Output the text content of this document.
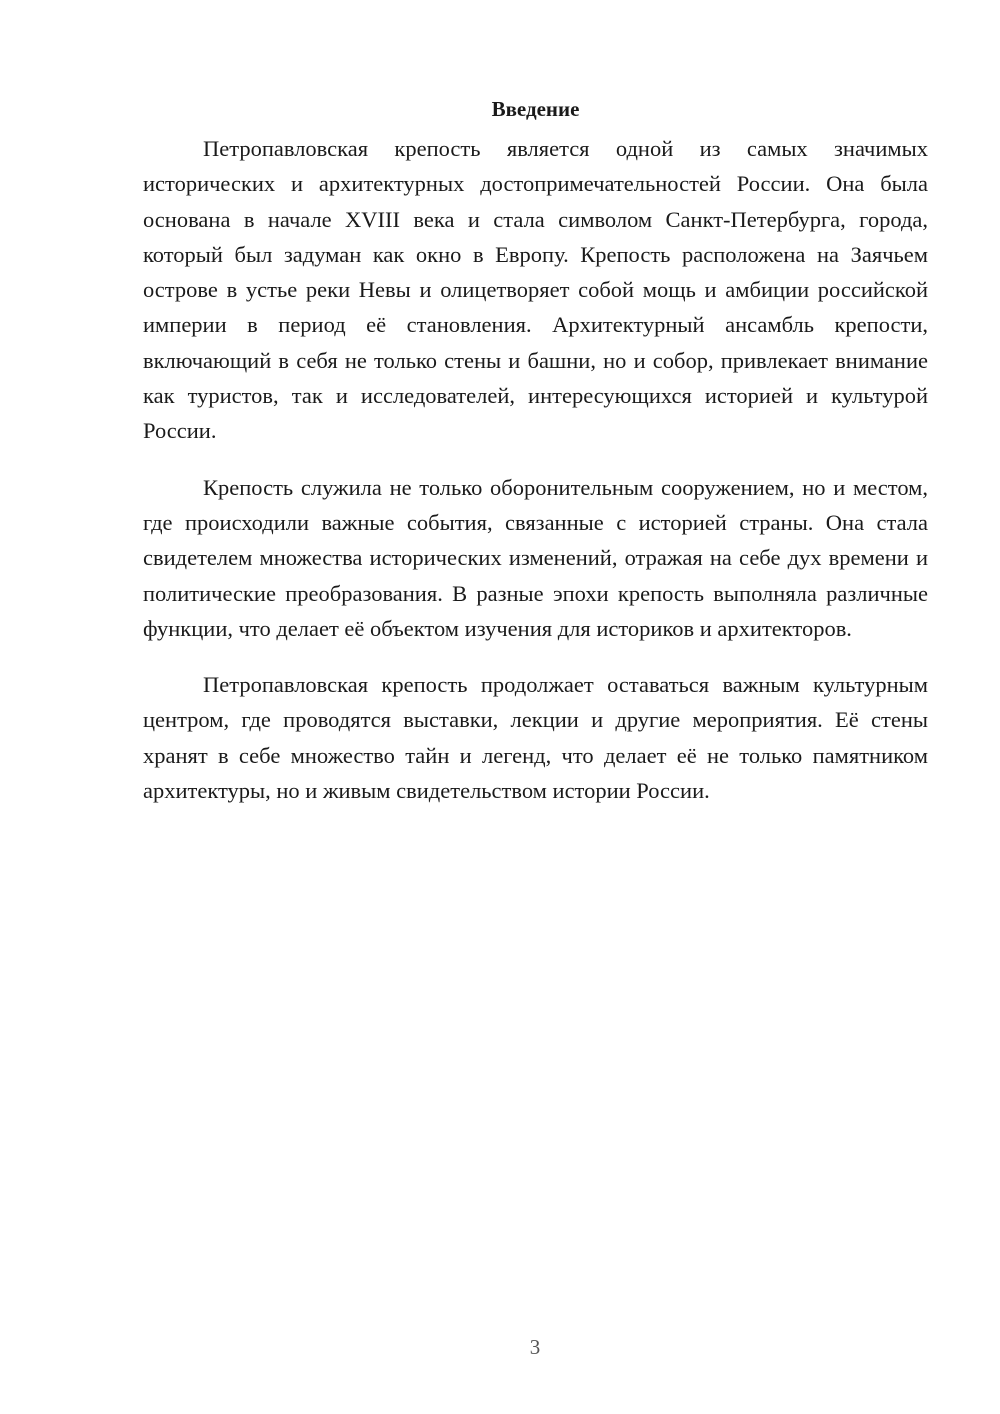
Введение

Петропавловская крепость является одной из самых значимых исторических и архитектурных достопримечательностей России. Она была основана в начале XVIII века и стала символом Санкт-Петербурга, города, который был задуман как окно в Европу. Крепость расположена на Заячьем острове в устье реки Невы и олицетворяет собой мощь и амбиции российской империи в период её становления. Архитектурный ансамбль крепости, включающий в себя не только стены и башни, но и собор, привлекает внимание как туристов, так и исследователей, интересующихся историей и культурой России.

Крепость служила не только оборонительным сооружением, но и местом, где происходили важные события, связанные с историей страны. Она стала свидетелем множества исторических изменений, отражая на себе дух времени и политические преобразования. В разные эпохи крепость выполняла различные функции, что делает её объектом изучения для историков и архитекторов.

Петропавловская крепость продолжает оставаться важным культурным центром, где проводятся выставки, лекции и другие мероприятия. Её стены хранят в себе множество тайн и легенд, что делает её не только памятником архитектуры, но и живым свидетельством истории России.

3
